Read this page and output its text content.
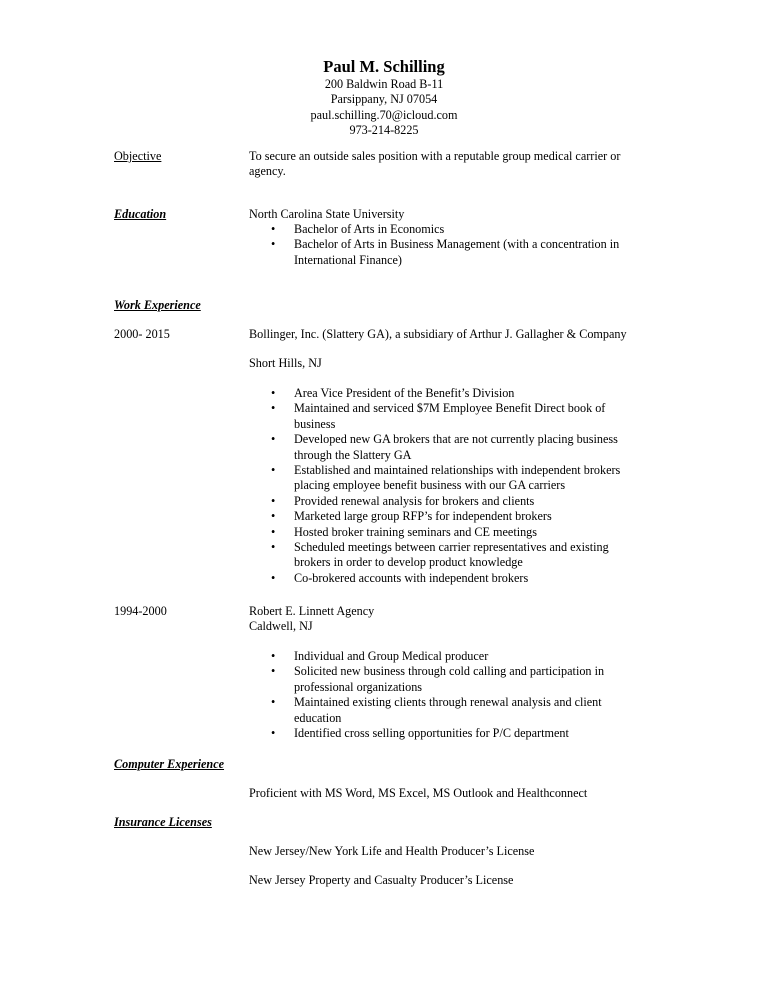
Paul M. Schilling
200 Baldwin Road B-11
Parsippany, NJ 07054
paul.schilling.70@icloud.com
973-214-8225
Objective	To secure an outside sales position with a reputable group medical carrier or agency.
Education	North Carolina State University
• Bachelor of Arts in Economics
• Bachelor of Arts in Business Management (with a concentration in International Finance)
Work Experience
2000- 2015	Bollinger, Inc. (Slattery GA), a subsidiary of Arthur J. Gallagher & Company
Short Hills, NJ
• Area Vice President of the Benefit’s Division
• Maintained and serviced $7M Employee Benefit Direct book of business
• Developed new GA brokers that are not currently placing business through the Slattery GA
• Established and maintained relationships with independent brokers placing employee benefit business with our GA carriers
• Provided renewal analysis for brokers and clients
• Marketed large group RFP’s for independent brokers
• Hosted broker training seminars and CE meetings
• Scheduled meetings between carrier representatives and existing brokers in order to develop product knowledge
• Co-brokered accounts with independent brokers
1994-2000	Robert E. Linnett Agency
Caldwell, NJ
• Individual and Group Medical producer
• Solicited new business through cold calling and participation in professional organizations
• Maintained existing clients through renewal analysis and client education
• Identified cross selling opportunities for P/C department
Computer Experience
Proficient with MS Word, MS Excel, MS Outlook and Healthconnect
Insurance Licenses
New Jersey/New York Life and Health Producer’s License
New Jersey Property and Casualty Producer’s License
